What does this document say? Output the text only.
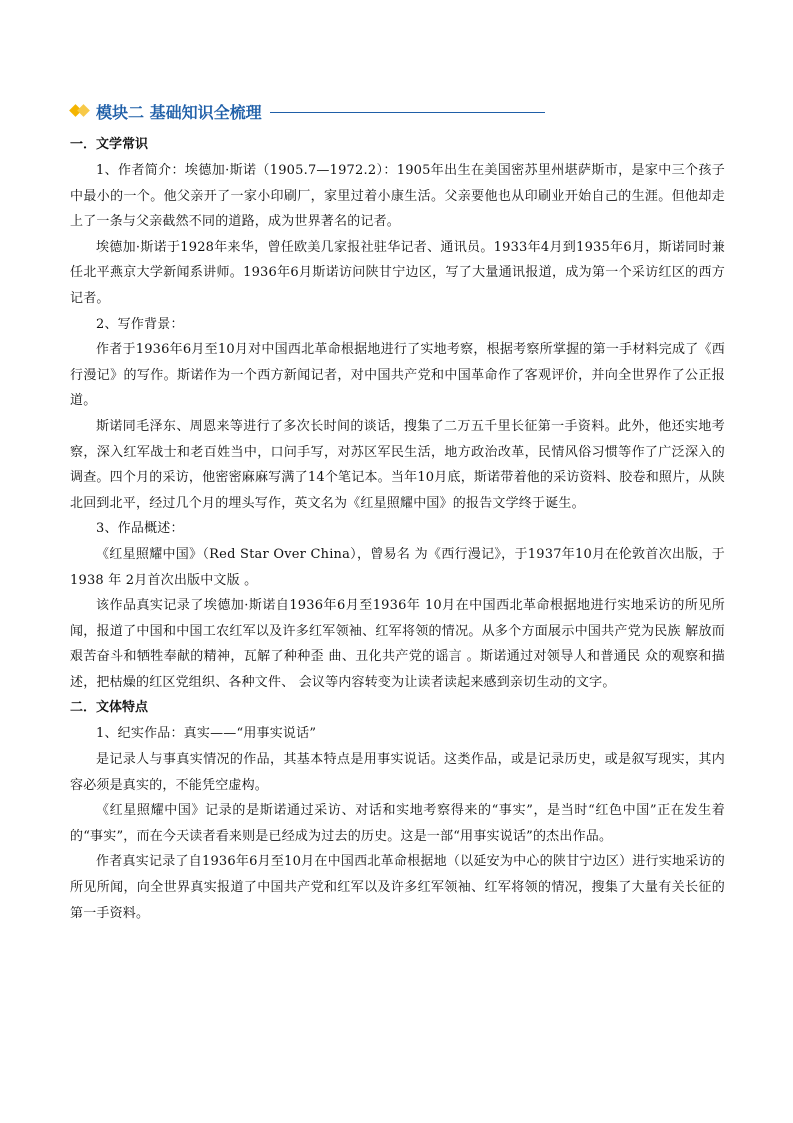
模块二 基础知识全梳理
一．文学常识

1、作者简介：埃德加·斯诺（1905.7—1972.2）：1905年出生在美国密苏里州堪萨斯市，是家中三个孩子中最小的一个。他父亲开了一家小印刷厂，家里过着小康生活。父亲要他也从印刷业开始自己的生涯。但他却走上了一条与父亲截然不同的道路，成为世界著名的记者。

埃德加·斯诺于1928年来华，曾任欧美几家报社驻华记者、通讯员。1933年4月到1935年6月，斯诺同时兼任北平燕京大学新闻系讲师。1936年6月斯诺访问陕甘宁边区，写了大量通讯报道，成为第一个采访红区的西方记者。

2、写作背景：

作者于1936年6月至10月对中国西北革命根据地进行了实地考察，根据考察所掌握的第一手材料完成了《西行漫记》的写作。斯诺作为一个西方新闻记者，对中国共产党和中国革命作了客观评价，并向全世界作了公正报道。

斯诺同毛泽东、周恩来等进行了多次长时间的谈话，搜集了二万五千里长征第一手资料。此外，他还实地考察，深入红军战士和老百姓当中，口问手写，对苏区军民生活，地方政治改革，民情风俗习惯等作了广泛深入的调查。四个月的采访，他密密麻麻写满了14个笔记本。当年10月底，斯诺带着他的采访资料、胶卷和照片，从陕北回到北平，经过几个月的埋头写作，英文名为《红星照耀中国》的报告文学终于诞生。

3、作品概述：

《红星照耀中国》（Red Star Over China），曾易名 为《西行漫记》，于1937年10月在伦敦首次出版，于1938 年 2月首次出版中文版 。

该作品真实记录了埃德加·斯诺自1936年6月至1936年 10月在中国西北革命根据地进行实地采访的所见所 闻，报道了中国和中国工农红军以及许多红军领袖、红军将领的情况。从多个方面展示中国共产党为民族 解放而艰苦奋斗和牺牲奉献的精神，瓦解了种种歪 曲、丑化共产党的谣言 。斯诺通过对领导人和普通民 众的观察和描述，把枯燥的红区党组织、各种文件、 会议等内容转变为让读者读起来感到亲切生动的文字。

二．文体特点

1、纪实作品：真实——“用事实说话”

是记录人与事真实情况的作品，其基本特点是用事实说话。这类作品，或是记录历史，或是叙写现实，其内容必须是真实的，不能凭空虚构。

《红星照耀中国》记录的是斯诺通过采访、对话和实地考察得来的“事实”，是当时“红色中国”正在发生着的“事实”，而在今天读者看来则是已经成为过去的历史。这是一部“用事实说话”的杰出作品。

作者真实记录了自1936年6月至10月在中国西北革命根据地（以延安为中心的陕甘宁边区）进行实地采访的所见所闻，向全世界真实报道了中国共产党和红军以及许多红军领袖、红军将领的情况，搜集了大量有关长征的第一手资料。
